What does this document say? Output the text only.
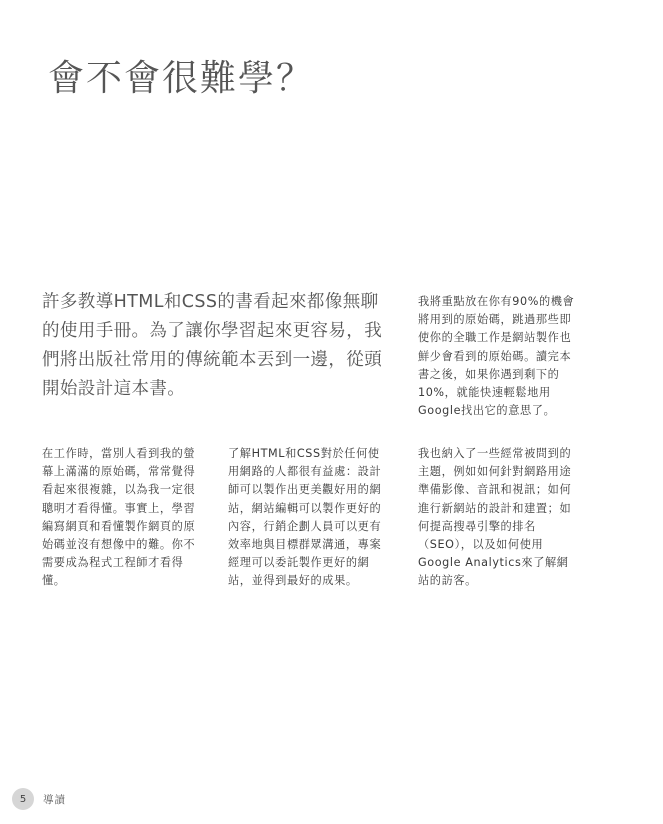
會不會很難學？

許多教導HTML和CSS的書看起來都像無聊的使用手冊。為了讓你學習起來更容易，我們將出版社常用的傳統範本丟到一邊，從頭開始設計這本書。

我將重點放在你有90%的機會將用到的原始碼，跳過那些即使你的全職工作是網站製作也鮮少會看到的原始碼。讀完本書之後，如果你遇到剩下的10%，就能快速輕鬆地用Google找出它的意思了。

在工作時，當別人看到我的螢幕上滿滿的原始碼，常常覺得看起來很複雜，以為我一定很聰明才看得懂。事實上，學習編寫網頁和看懂製作網頁的原始碼並沒有想像中的難。你不需要成為程式工程師才看得懂。

了解HTML和CSS對於任何使用網路的人都很有益處：設計師可以製作出更美觀好用的網站，網站編輯可以製作更好的內容，行銷企劃人員可以更有效率地與目標群眾溝通，專案經理可以委託製作更好的網站，並得到最好的成果。

我也納入了一些經常被問到的主題，例如如何針對網路用途準備影像、音訊和視訊；如何進行新網站的設計和建置；如何提高搜尋引擎的排名（SEO），以及如何使用Google Analytics來了解網站的訪客。

5	導讀
